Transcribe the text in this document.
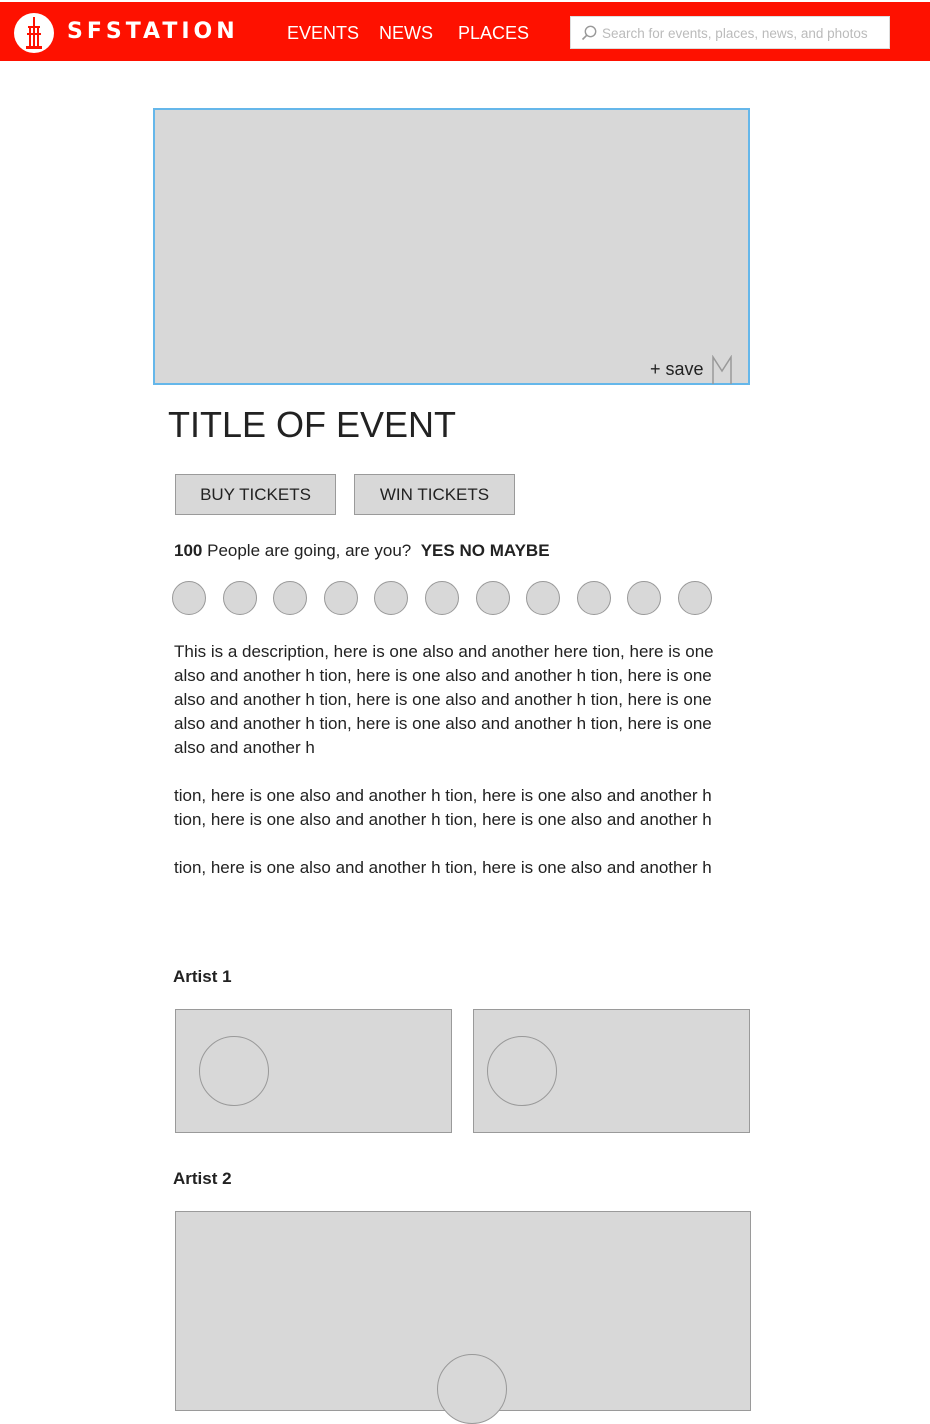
SFSTATION	EVENTS NEWS PLACES
Search for events, places, news, and photos
+ save
TITLE OF EVENT
BUY TICKETS	WIN TICKETS
100 People are going, are you? YES NO MAYBE

This is a description, here is one also and another here tion, here is one also and another h tion, here is one also and another h tion, here is one also and another h tion, here is one also and another h tion, here is one also and another h tion, here is one also and another h tion, here is one also and another h

tion, here is one also and another h tion, here is one also and another h tion, here is one also and another h tion, here is one also and another h

tion, here is one also and another h tion, here is one also and another h

Artist 1
Artist 2
